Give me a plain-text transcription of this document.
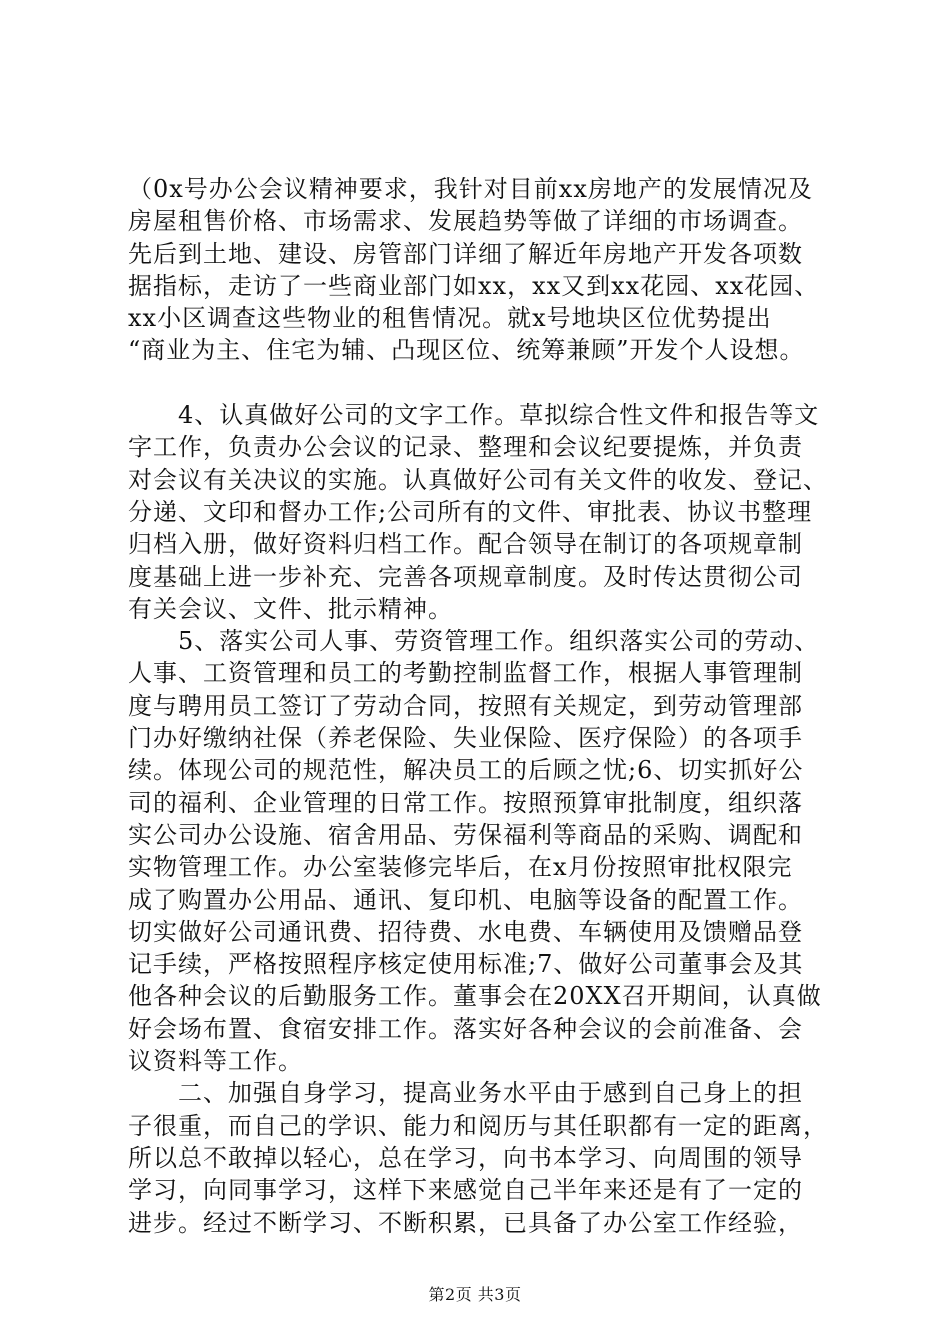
（0x号办公会议精神要求，我针对目前xx房地产的发展情况及
房屋租售价格、市场需求、发展趋势等做了详细的市场调查。
先后到土地、建设、房管部门详细了解近年房地产开发各项数
据指标，走访了一些商业部门如xx，xx又到xx花园、xx花园、
xx小区调查这些物业的租售情况。就x号地块区位优势提出
“商业为主、住宅为辅、凸现区位、统筹兼顾”开发个人设想。
　　4、认真做好公司的文字工作。草拟综合性文件和报告等文
字工作，负责办公会议的记录、整理和会议纪要提炼，并负责
对会议有关决议的实施。认真做好公司有关文件的收发、登记、
分递、文印和督办工作;公司所有的文件、审批表、协议书整理
归档入册，做好资料归档工作。配合领导在制订的各项规章制
度基础上进一步补充、完善各项规章制度。及时传达贯彻公司
有关会议、文件、批示精神。
　　5、落实公司人事、劳资管理工作。组织落实公司的劳动、
人事、工资管理和员工的考勤控制监督工作，根据人事管理制
度与聘用员工签订了劳动合同，按照有关规定，到劳动管理部
门办好缴纳社保（养老保险、失业保险、医疗保险）的各项手
续。体现公司的规范性，解决员工的后顾之忧;6、切实抓好公
司的福利、企业管理的日常工作。按照预算审批制度，组织落
实公司办公设施、宿舍用品、劳保福利等商品的采购、调配和
实物管理工作。办公室装修完毕后，在x月份按照审批权限完
成了购置办公用品、通讯、复印机、电脑等设备的配置工作。
切实做好公司通讯费、招待费、水电费、车辆使用及馈赠品登
记手续，严格按照程序核定使用标准;7、做好公司董事会及其
他各种会议的后勤服务工作。董事会在20XX召开期间，认真做
好会场布置、食宿安排工作。落实好各种会议的会前准备、会
议资料等工作。
　　二、加强自身学习，提高业务水平由于感到自己身上的担
子很重，而自己的学识、能力和阅历与其任职都有一定的距离，
所以总不敢掉以轻心，总在学习，向书本学习、向周围的领导
学习，向同事学习，这样下来感觉自己半年来还是有了一定的
进步。经过不断学习、不断积累，已具备了办公室工作经验，
第2页 共3页
